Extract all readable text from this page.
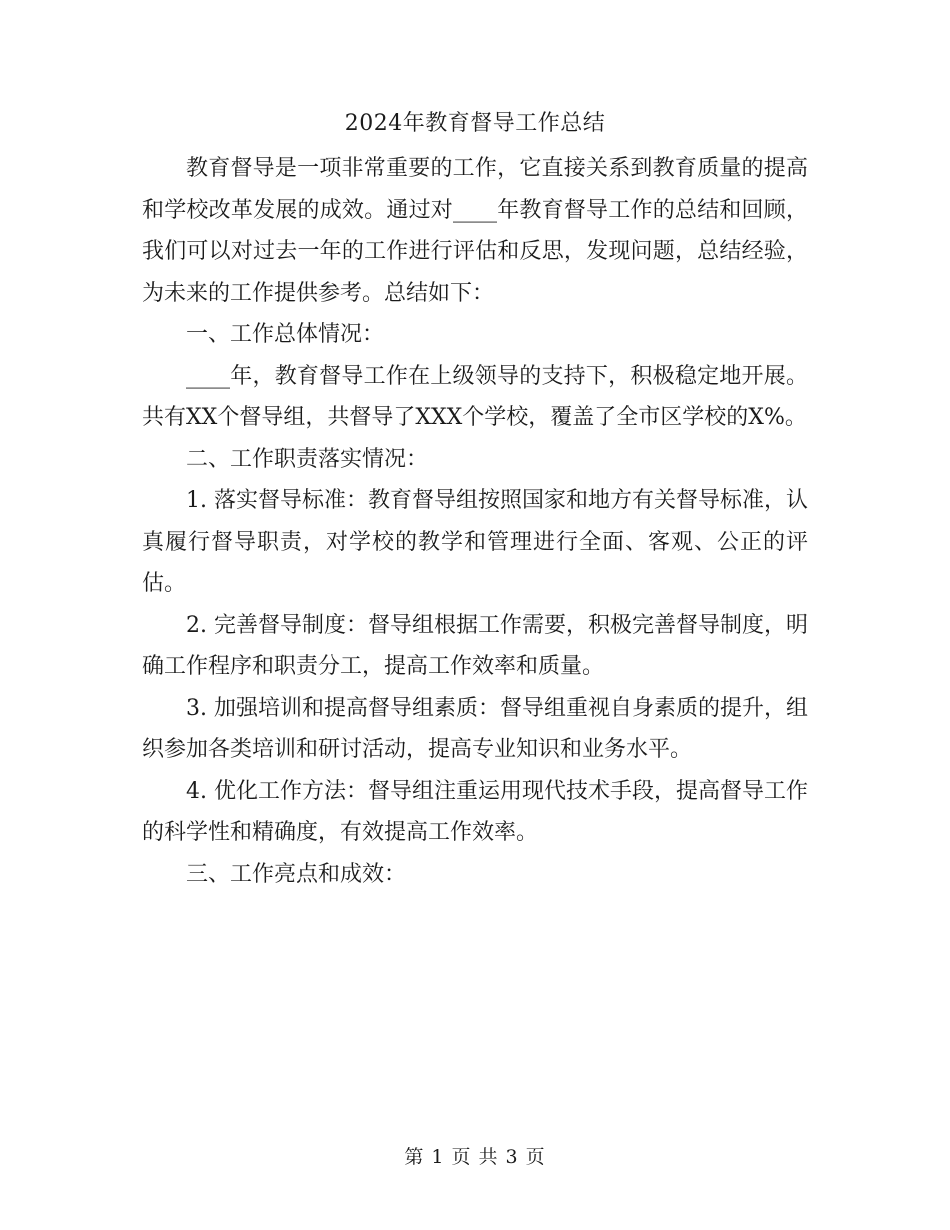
2024年教育督导工作总结

教育督导是一项非常重要的工作，它直接关系到教育质量的提高和学校改革发展的成效。通过对____年教育督导工作的总结和回顾，我们可以对过去一年的工作进行评估和反思，发现问题，总结经验，为未来的工作提供参考。总结如下：

一、工作总体情况：

____年，教育督导工作在上级领导的支持下，积极稳定地开展。共有XX个督导组，共督导了XXX个学校，覆盖了全市区学校的X%。

二、工作职责落实情况：

1. 落实督导标准：教育督导组按照国家和地方有关督导标准，认真履行督导职责，对学校的教学和管理进行全面、客观、公正的评估。

2. 完善督导制度：督导组根据工作需要，积极完善督导制度，明确工作程序和职责分工，提高工作效率和质量。

3. 加强培训和提高督导组素质：督导组重视自身素质的提升，组织参加各类培训和研讨活动，提高专业知识和业务水平。

4. 优化工作方法：督导组注重运用现代技术手段，提高督导工作的科学性和精确度，有效提高工作效率。

三、工作亮点和成效：

第 1 页 共 3 页
